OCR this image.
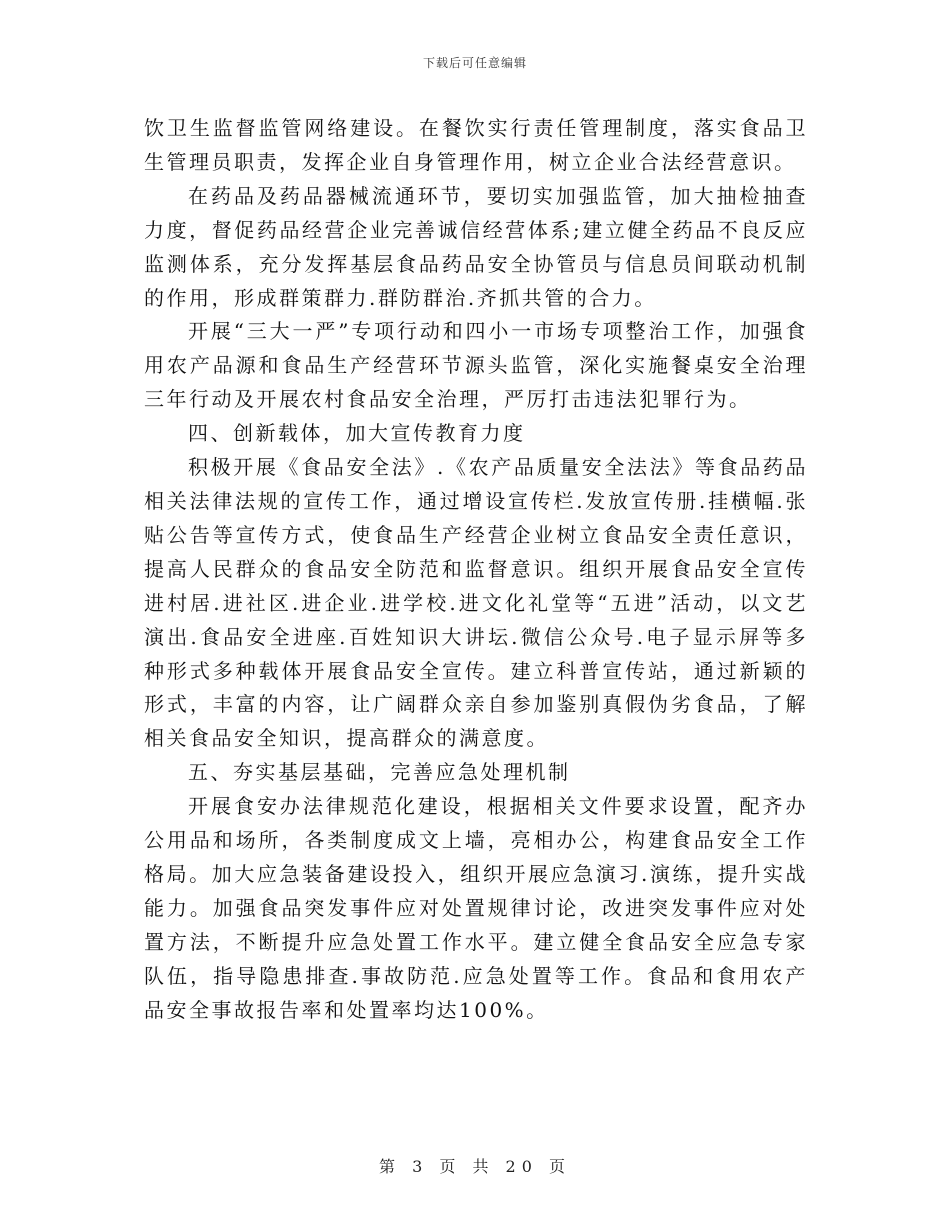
下载后可任意编辑

饮卫生监督监管网络建设。在餐饮实行责任管理制度，落实食品卫生管理员职责，发挥企业自身管理作用，树立企业合法经营意识。

在药品及药品器械流通环节，要切实加强监管，加大抽检抽查力度，督促药品经营企业完善诚信经营体系;建立健全药品不良反应监测体系，充分发挥基层食品药品安全协管员与信息员间联动机制的作用，形成群策群力.群防群治.齐抓共管的合力。

开展“三大一严”专项行动和四小一市场专项整治工作，加强食用农产品源和食品生产经营环节源头监管，深化实施餐桌安全治理三年行动及开展农村食品安全治理，严厉打击违法犯罪行为。

四、创新载体，加大宣传教育力度

积极开展《食品安全法》.《农产品质量安全法法》等食品药品相关法律法规的宣传工作，通过增设宣传栏.发放宣传册.挂横幅.张贴公告等宣传方式，使食品生产经营企业树立食品安全责任意识，提高人民群众的食品安全防范和监督意识。组织开展食品安全宣传进村居.进社区.进企业.进学校.进文化礼堂等“五进”活动，以文艺演出.食品安全进座.百姓知识大讲坛.微信公众号.电子显示屏等多种形式多种载体开展食品安全宣传。建立科普宣传站，通过新颖的形式，丰富的内容，让广阔群众亲自参加鉴别真假伪劣食品，了解相关食品安全知识，提高群众的满意度。

五、夯实基层基础，完善应急处理机制

开展食安办法律规范化建设，根据相关文件要求设置，配齐办公用品和场所，各类制度成文上墙，亮相办公，构建食品安全工作格局。加大应急装备建设投入，组织开展应急演习.演练，提升实战能力。加强食品突发事件应对处置规律讨论，改进突发事件应对处置方法，不断提升应急处置工作水平。建立健全食品安全应急专家队伍，指导隐患排查.事故防范.应急处置等工作。食品和食用农产品安全事故报告率和处置率均达100%。

第 3 页 共 20 页
